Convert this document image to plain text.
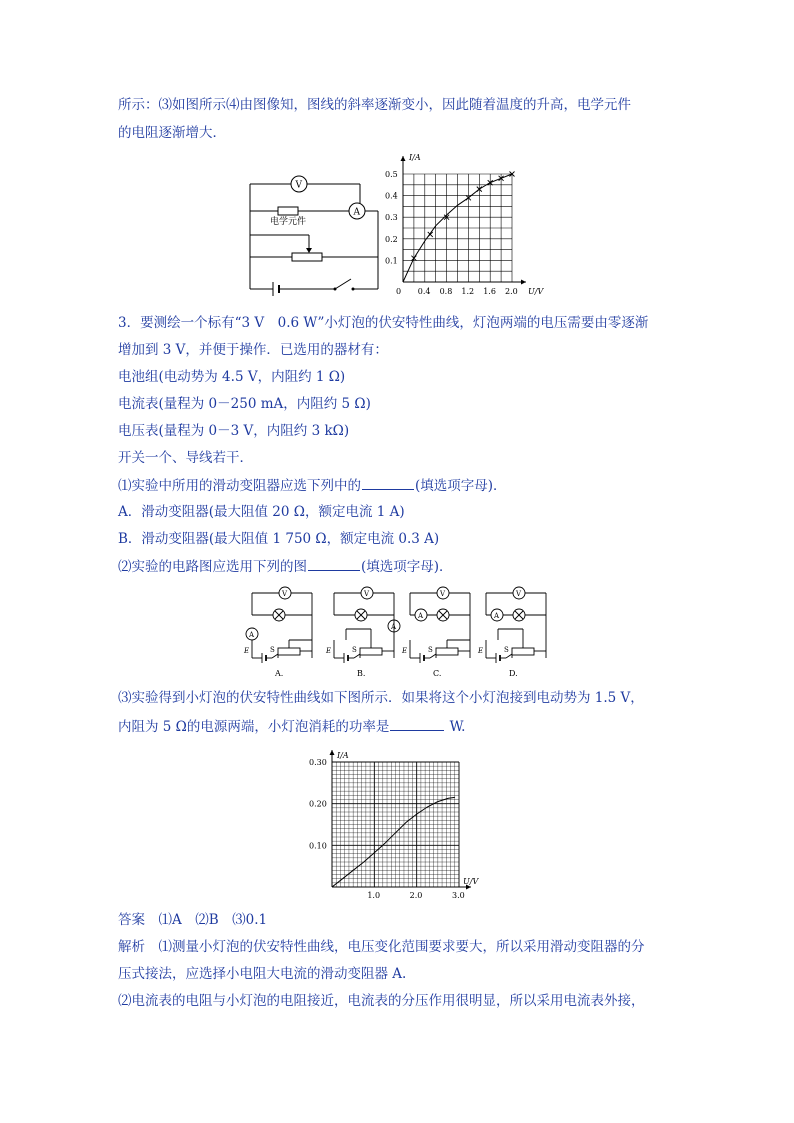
所示：⑶如图所示⑷由图像知，图线的斜率逐渐变小，因此随着温度的升高，电学元件
的电阻逐渐增大．
V
A
电学元件
0.4 0.8 1.2 1.6 2.0
0.1
0.2
0.3
0.4
0.5
0	U/V
I/A
3．要测绘一个标有“3 V　0.6 W”小灯泡的伏安特性曲线，灯泡两端的电压需要由零逐渐
增加到 3 V，并便于操作．已选用的器材有：
电池组(电动势为 4.5 V，内阻约 1 Ω)
电流表(量程为 0－250 mA，内阻约 5 Ω)
电压表(量程为 0－3 V，内阻约 3 kΩ)
开关一个、导线若干．
⑴实验中所用的滑动变阻器应选下列中的	(填选项字母)．
A．滑动变阻器(最大阻值 20 Ω，额定电流 1 A)
B．滑动变阻器(最大阻值 1 750 Ω，额定电流 0.3 A)
⑵实验的电路图应选用下列的图	(填选项字母)．
V
A
E	S
A.
V
A
E	S
B.
V
A
E	S
C.
V
A
E	S
D.
⑶实验得到小灯泡的伏安特性曲线如下图所示．如果将这个小灯泡接到电动势为 1.5 V，
内阻为 5 Ω的电源两端，小灯泡消耗的功率是	W.
1.0	2.0	3.0
0.10
0.20
0.30
U/V
I/A
答案　⑴A　⑵B　⑶0.1
解析　⑴测量小灯泡的伏安特性曲线，电压变化范围要求要大，所以采用滑动变阻器的分
压式接法，应选择小电阻大电流的滑动变阻器 A.
⑵电流表的电阻与小灯泡的电阻接近，电流表的分压作用很明显，所以采用电流表外接，
